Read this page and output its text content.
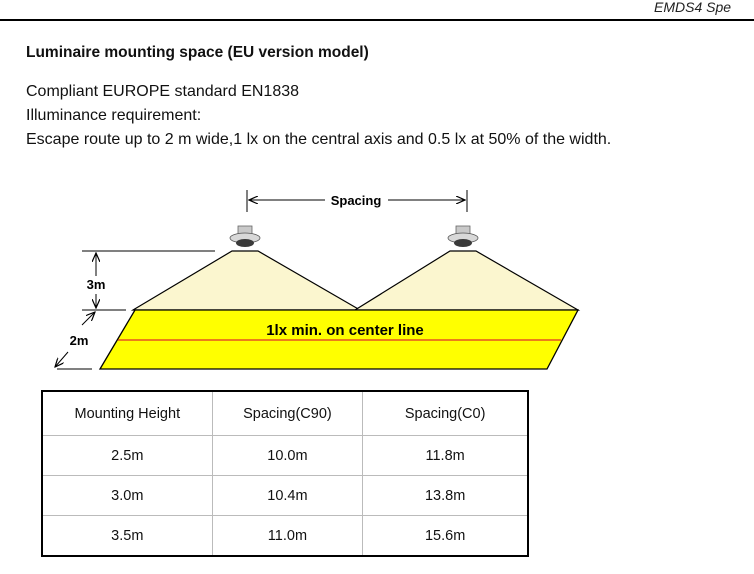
EMDS4 Spe
Luminaire mounting space (EU version model)
Compliant EUROPE standard EN1838
Illuminance requirement:
Escape route up to 2 m wide,1 lx on the central axis and 0.5 lx at 50% of the width.
1lx min. on center line
Spacing
3m
2m
Mounting Height	Spacing(C90)	Spacing(C0)
2.5m	10.0m	11.8m
3.0m	10.4m	13.8m
3.5m	11.0m	15.6m
